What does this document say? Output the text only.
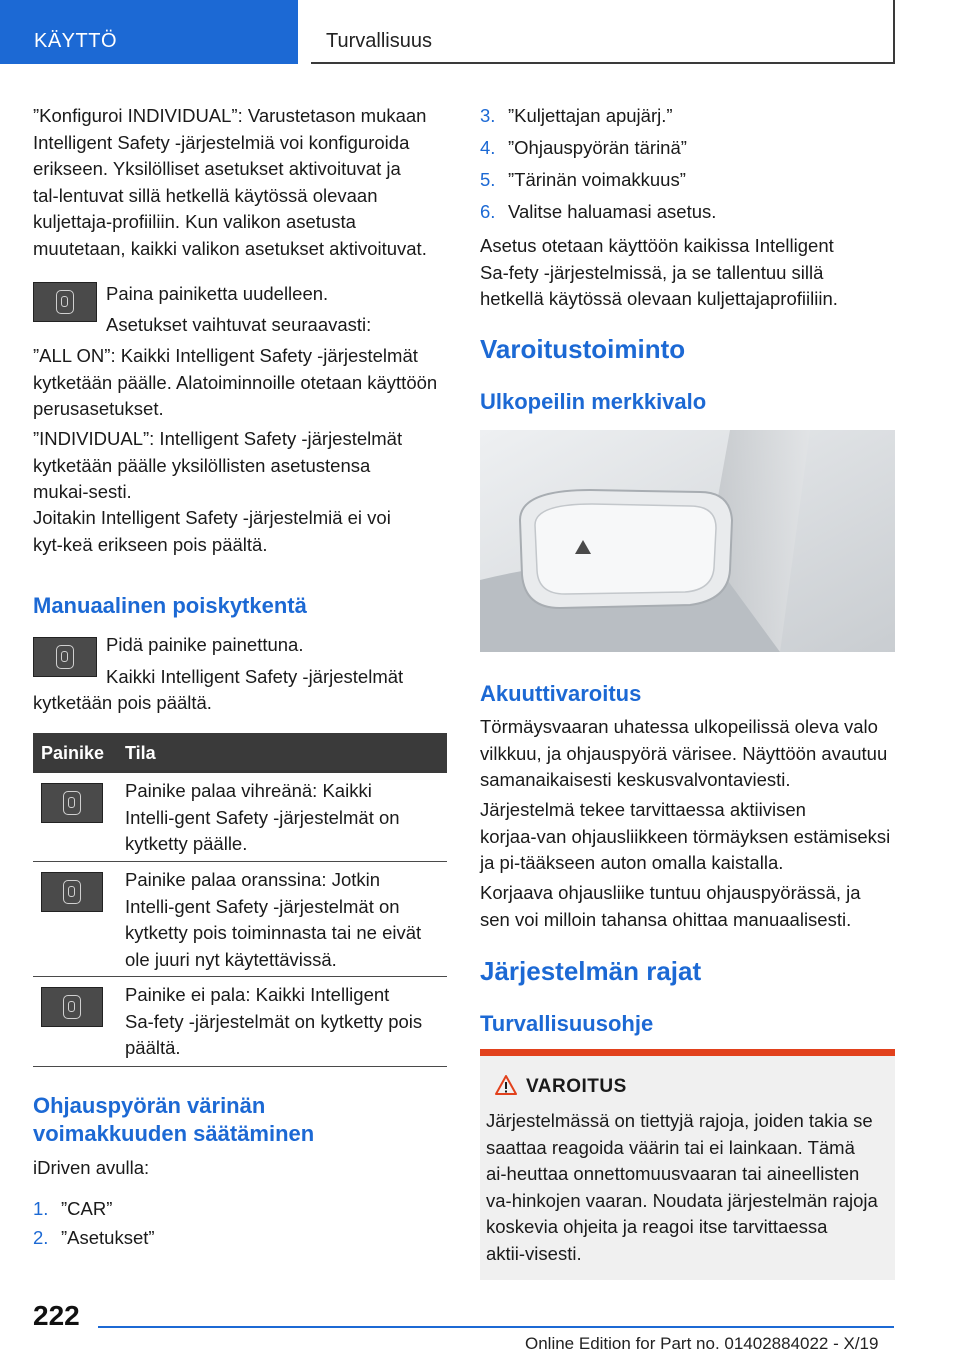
KÄYTTÖ	Turvallisuus

”Konfiguroi INDIVIDUAL”: Varustetason mukaan Intelligent Safety ‑järjestelmiä voi konfiguroida erikseen. Yksilölliset asetukset aktivoituvat ja tal‑lentuvat sillä hetkellä käytössä olevaan kuljettaja‑profiiliin. Kun valikon asetusta muutetaan, kaikki valikon asetukset aktivoituvat.

Paina painiketta uudelleen.

Asetukset vaihtuvat seuraavasti:

”ALL ON”: Kaikki Intelligent Safety ‑järjestelmät kytketään päälle. Alatoiminnoille otetaan käyttöön perusasetukset.

”INDIVIDUAL”: Intelligent Safety ‑järjestelmät kytketään päälle yksilöllisten asetustensa mukai‑sesti.

Joitakin Intelligent Safety ‑järjestelmiä ei voi kyt‑keä erikseen pois päältä.

Manuaalinen poiskytkentä

Pidä painike painettuna.

Kaikki Intelligent Safety ‑järjestelmät

kytketään pois päältä.

Painike Tila

Painike palaa vihreänä: Kaikki Intelli‑gent Safety ‑järjestelmät on kytketty päälle.

Painike palaa oranssina: Jotkin Intelli‑gent Safety ‑järjestelmät on kytketty pois toiminnasta tai ne eivät ole juuri nyt käytettävissä.

Painike ei pala: Kaikki Intelligent Sa‑fety ‑järjestelmät on kytketty pois päältä.

Ohjauspyörän värinän voimakkuuden säätäminen

iDriven avulla:

1. ”CAR”

2. ”Asetukset”

3. ”Kuljettajan apujärj.”

4. ”Ohjauspyörän tärinä”

5. ”Tärinän voimakkuus”

6. Valitse haluamasi asetus.

Asetus otetaan käyttöön kaikissa Intelligent Sa‑fety ‑järjestelmissä, ja se tallentuu sillä hetkellä käytössä olevaan kuljettajaprofiiliin.

Varoitustoiminto
Ulkopeilin merkkivalo
Akuuttivaroitus

Törmäysvaaran uhatessa ulkopeilissä oleva valo vilkkuu, ja ohjauspyörä värisee. Näyttöön avautuu samanaikaisesti keskusvalvontaviesti.

Järjestelmä tekee tarvittaessa aktiivisen korjaa‑van ohjausliikkeen törmäyksen estämiseksi ja pi‑tääkseen auton omalla kaistalla.

Korjaava ohjausliike tuntuu ohjauspyörässä, ja sen voi milloin tahansa ohittaa manuaalisesti.

Järjestelmän rajat
Turvallisuusohje
VAROITUS

Järjestelmässä on tiettyjä rajoja, joiden takia se saattaa reagoida väärin tai ei lainkaan. Tämä ai‑heuttaa onnettomuusvaaran tai aineellisten va‑hinkojen vaaran. Noudata järjestelmän rajoja koskevia ohjeita ja reagoi itse tarvittaessa aktii‑visesti.

222
Online Edition for Part no. 01402884022 - X/19
